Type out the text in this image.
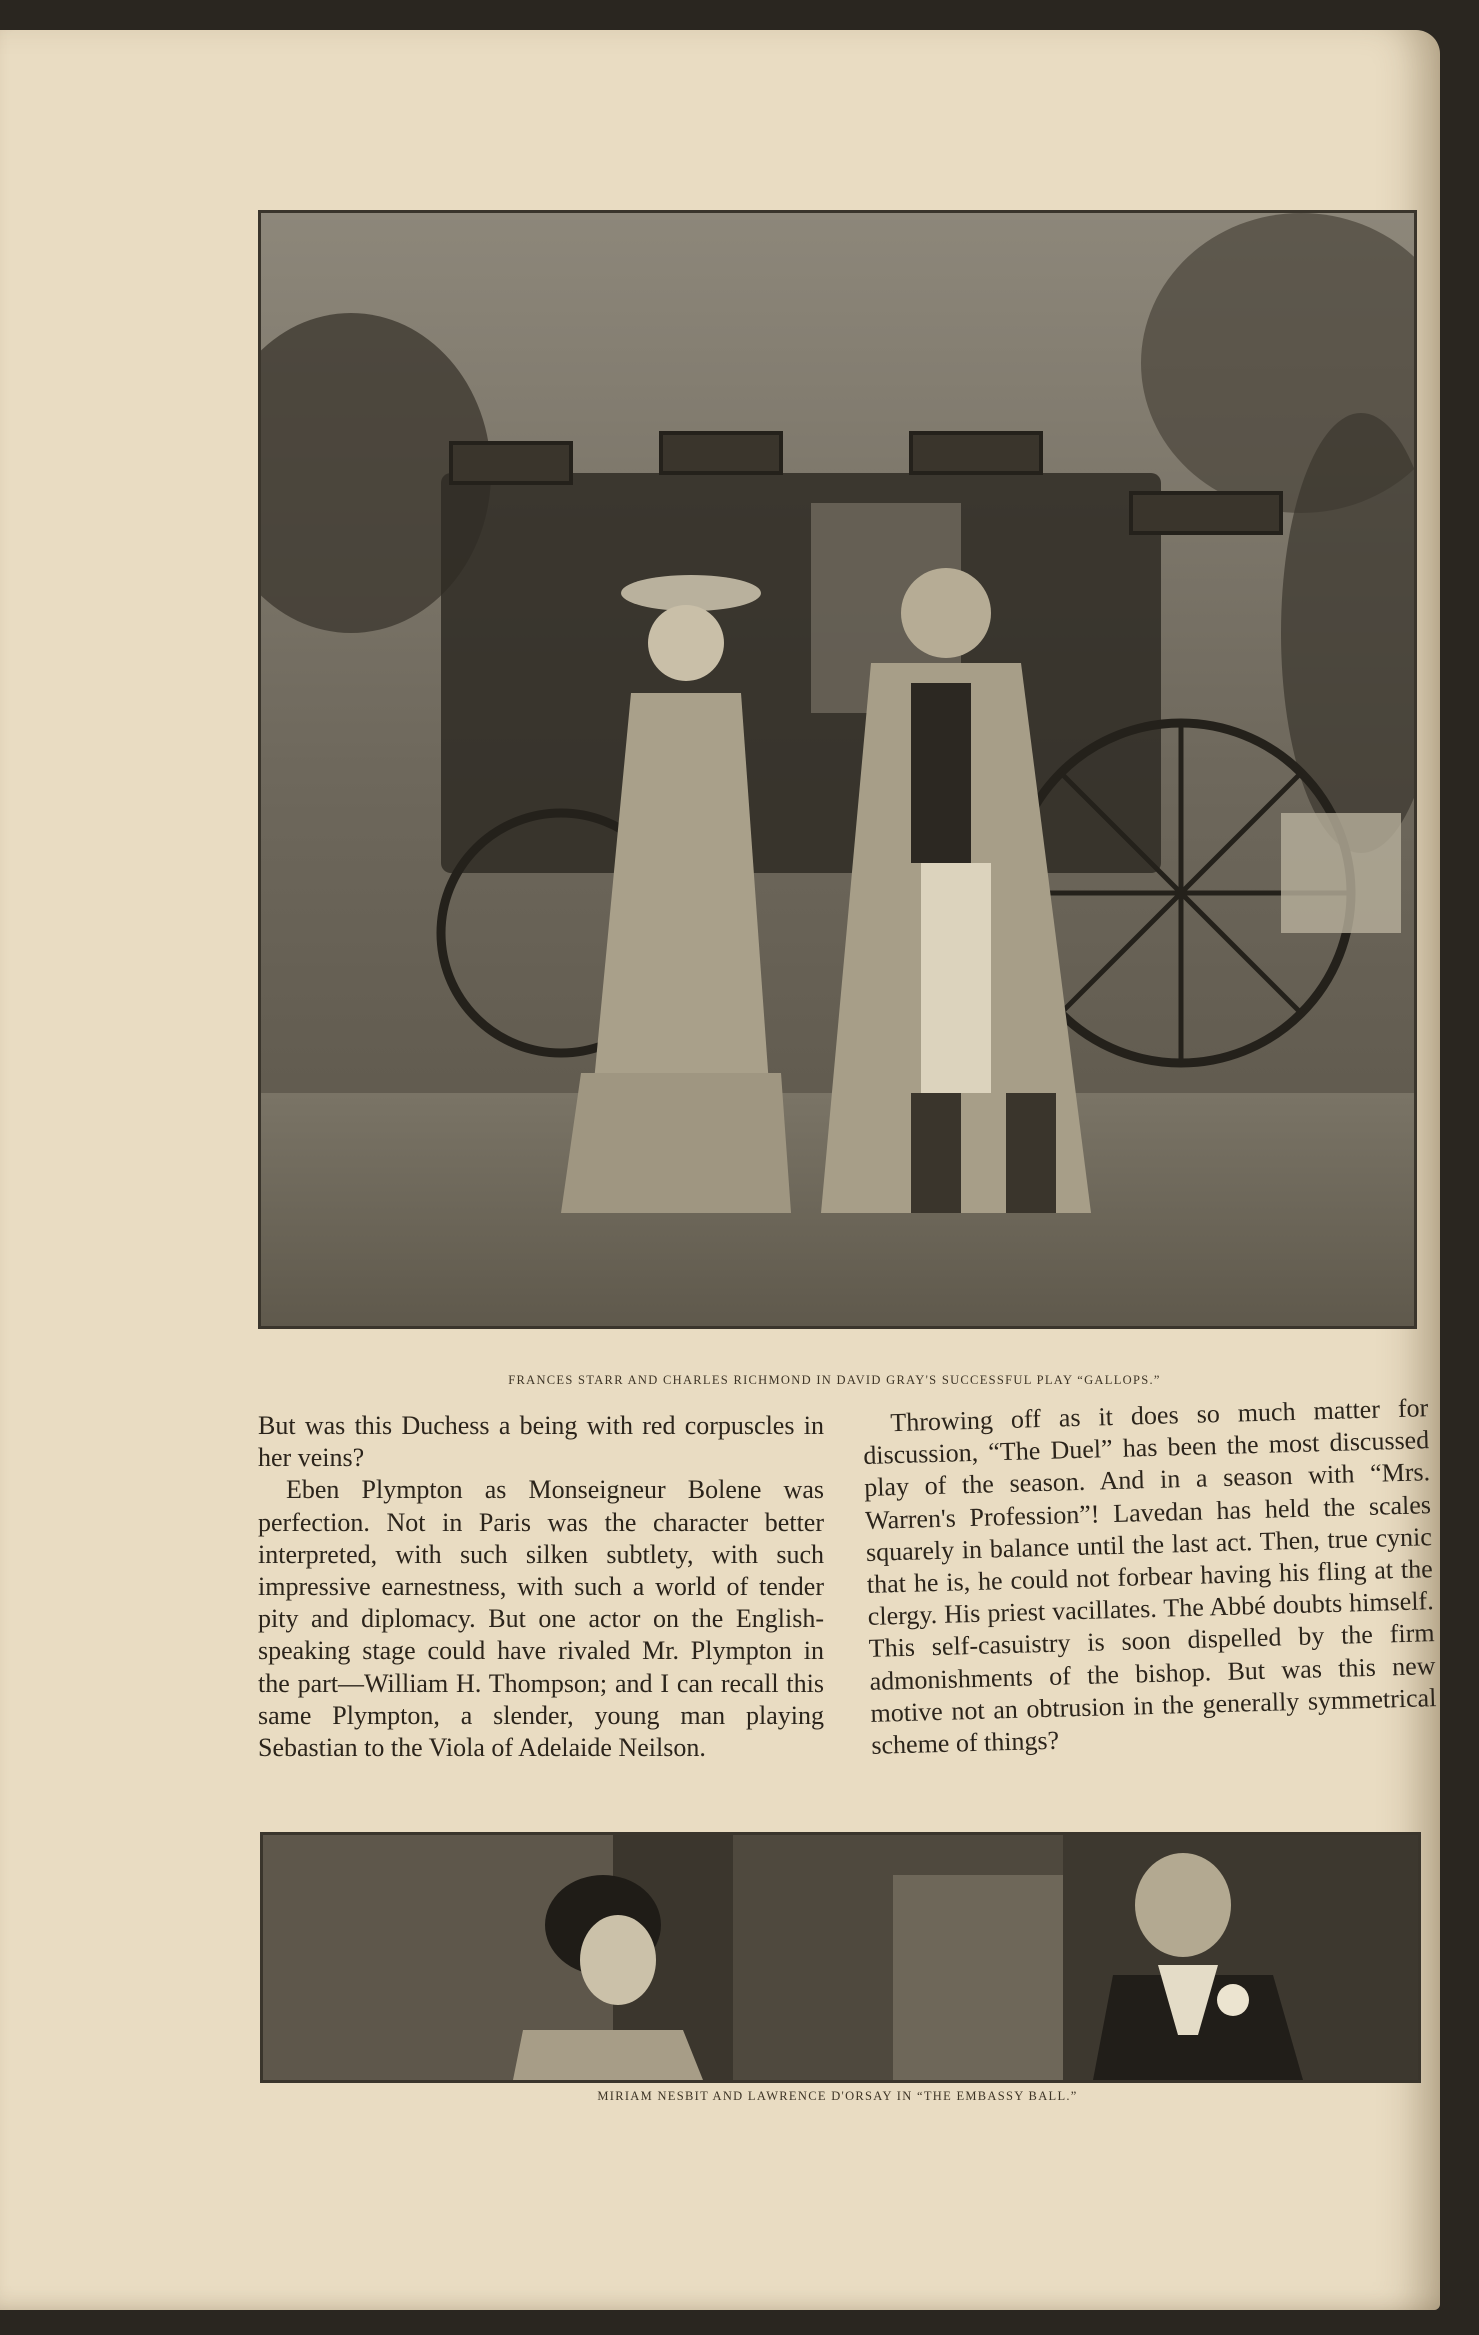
FRANCES STARR AND CHARLES RICHMOND IN DAVID GRAY'S SUCCESSFUL PLAY “GALLOPS.”

But was this Duchess a being with red corpuscles in her veins?

Eben Plympton as Monseigneur Bolene was perfection. Not in Paris was the character better interpreted, with such silken subtlety, with such impressive earnestness, with such a world of tender pity and diplomacy. But one actor on the English-speaking stage could have rivaled Mr. Plympton in the part—William H. Thompson; and I can recall this same Plympton, a slender, young man playing Sebastian to the Viola of Adelaide Neilson.

Throwing off as it does so much matter for discussion, “The Duel” has been the most discussed play of the season. And in a season with “Mrs. Warren's Profession”! Lavedan has held the scales squarely in balance until the last act. Then, true cynic that he is, he could not forbear having his fling at the clergy. His priest vacillates. The Abbé doubts himself. This self-casuistry is soon dispelled by the firm admonishments of the bishop. But was this new motive not an obtrusion in the generally symmetrical scheme of things?

MIRIAM NESBIT AND LAWRENCE D'ORSAY IN “THE EMBASSY BALL.”
